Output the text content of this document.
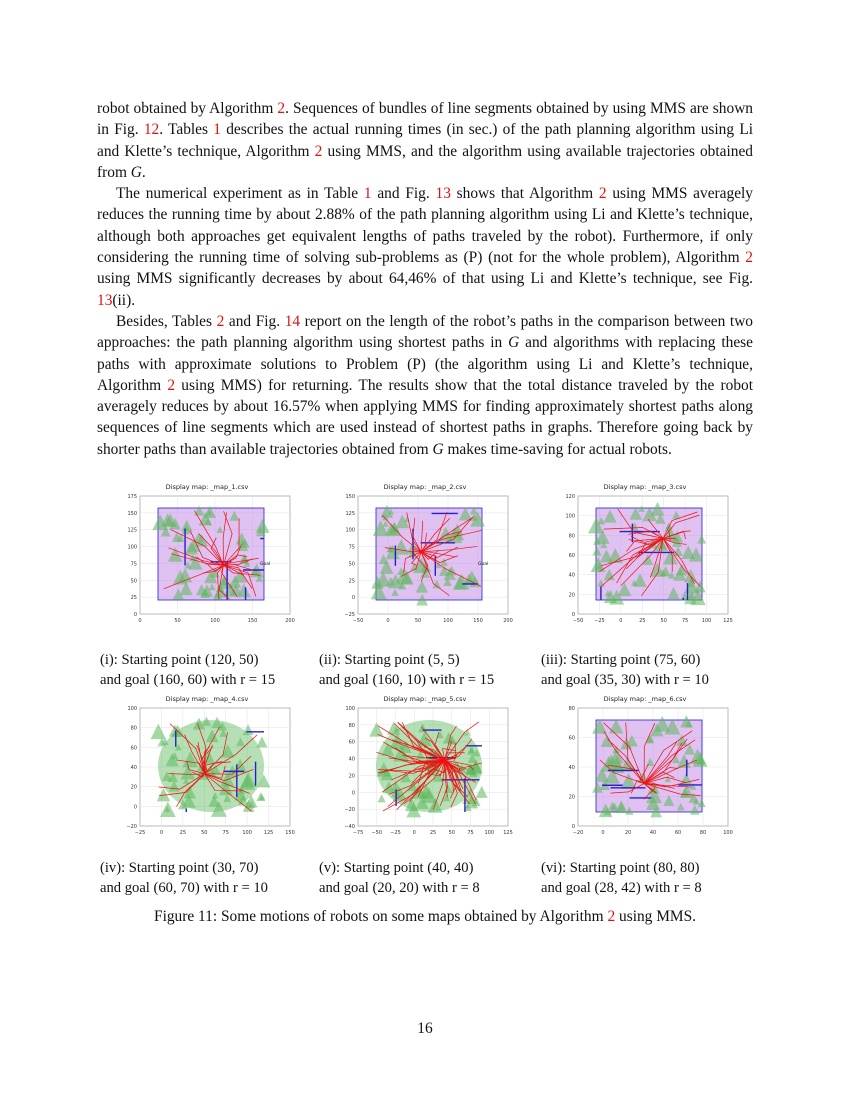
robot obtained by Algorithm 2. Sequences of bundles of line segments obtained by using MMS are shown in Fig. 12. Tables 1 describes the actual running times (in sec.) of the path planning algorithm using Li and Klette’s technique, Algorithm 2 using MMS, and the algorithm using available trajectories obtained from G.

The numerical experiment as in Table 1 and Fig. 13 shows that Algorithm 2 using MMS averagely reduces the running time by about 2.88% of the path planning algorithm using Li and Klette’s technique, although both approaches get equivalent lengths of paths traveled by the robot). Furthermore, if only considering the running time of solving sub-problems as (P) (not for the whole problem), Algorithm 2 using MMS significantly decreases by about 64,46% of that using Li and Klette’s technique, see Fig. 13(ii).

Besides, Tables 2 and Fig. 14 report on the length of the robot’s paths in the comparison between two approaches: the path planning algorithm using shortest paths in G and algorithms with replacing these paths with approximate solutions to Problem (P) (the algorithm using Li and Klette’s technique, Algorithm 2 using MMS) for returning. The results show that the total distance traveled by the robot averagely reduces by about 16.57% when applying MMS for finding approximately shortest paths along sequences of line segments which are used instead of shortest paths in graphs. Therefore going back by shorter paths than available trajectories obtained from G makes time-saving for actual robots.

Display map: _map_1.csv
0	50	100	150	200
175
150
125
100
75
50
25
0
Goal
Display map: _map_2.csv
−50	0	50	100	150	200
150
125
100
75
50
25
0
−25
Goal
Display map: _map_3.csv
−50 −25	0	25	50	75	100 125
120
100
80
60
40
20
0
Display map: _map_4.csv
−25	0	25	50	75	100 125 150
100
80
60
40
20
0
−20
Display map: _map_5.csv
−75 −50 −25 0	25 50 75 100 125
100
80
60
40
20
0
−20
−40
Display map: _map_6.csv
−20	0	20	40	60	80	100
80
60
40
20
0
(i): Starting point (120, 50)
and goal (160, 60) with r = 15
(ii): Starting point (5, 5)
and goal (160, 10) with r = 15
(iii): Starting point (75, 60)
and goal (35, 30) with r = 10
(iv): Starting point (30, 70)
and goal (60, 70) with r = 10
(v): Starting point (40, 40)
and goal (20, 20) with r = 8
(vi): Starting point (80, 80)
and goal (28, 42) with r = 8
Figure 11: Some motions of robots on some maps obtained by Algorithm 2 using MMS.
16
